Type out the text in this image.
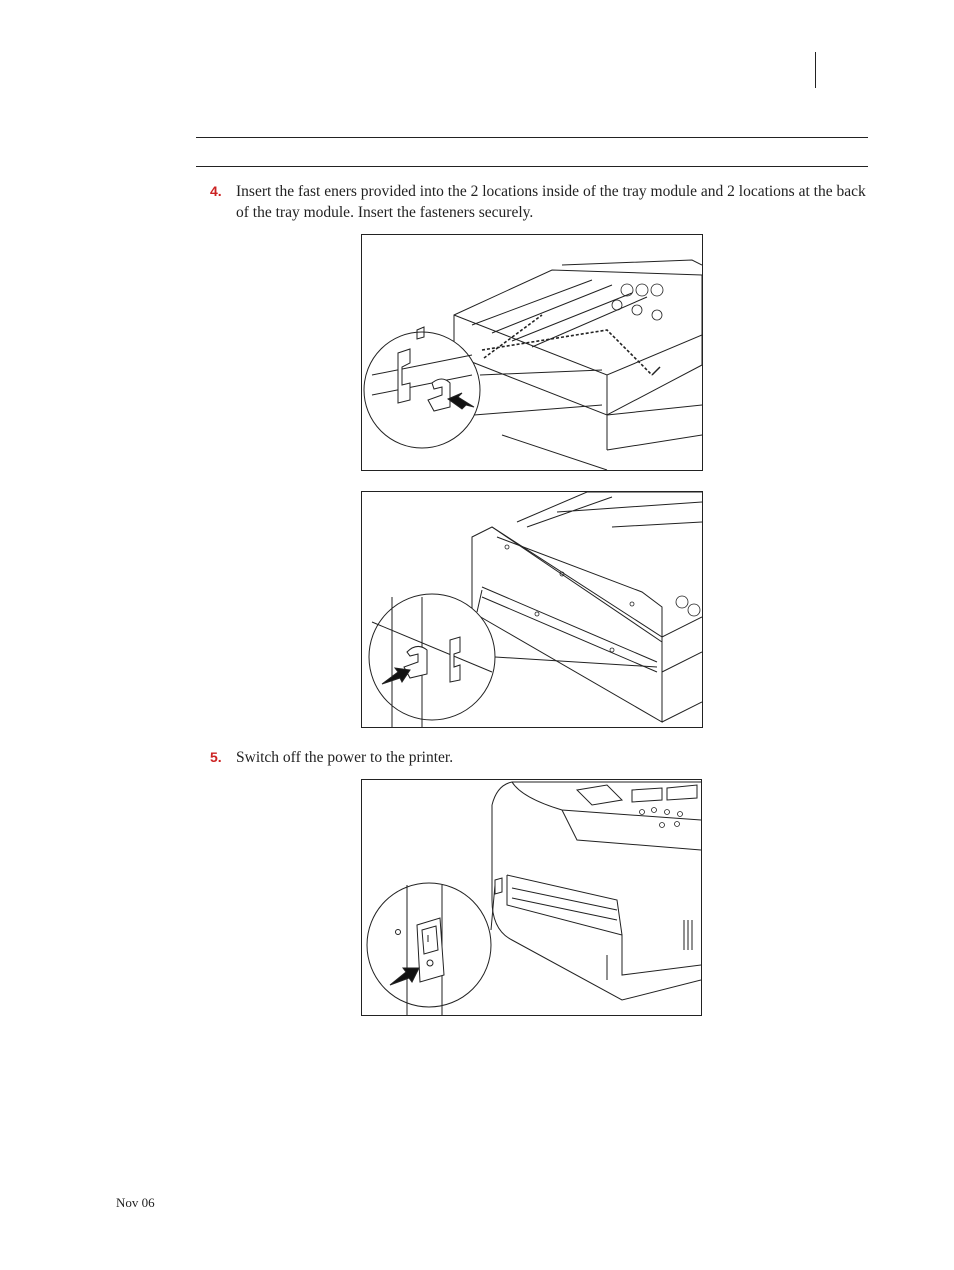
4. Insert the fast eners provided into the 2 locations inside of the tray module and 2 locations at the back of the tray module. Insert the fasteners securely.
5. Switch off the power to the printer.
Nov 06
